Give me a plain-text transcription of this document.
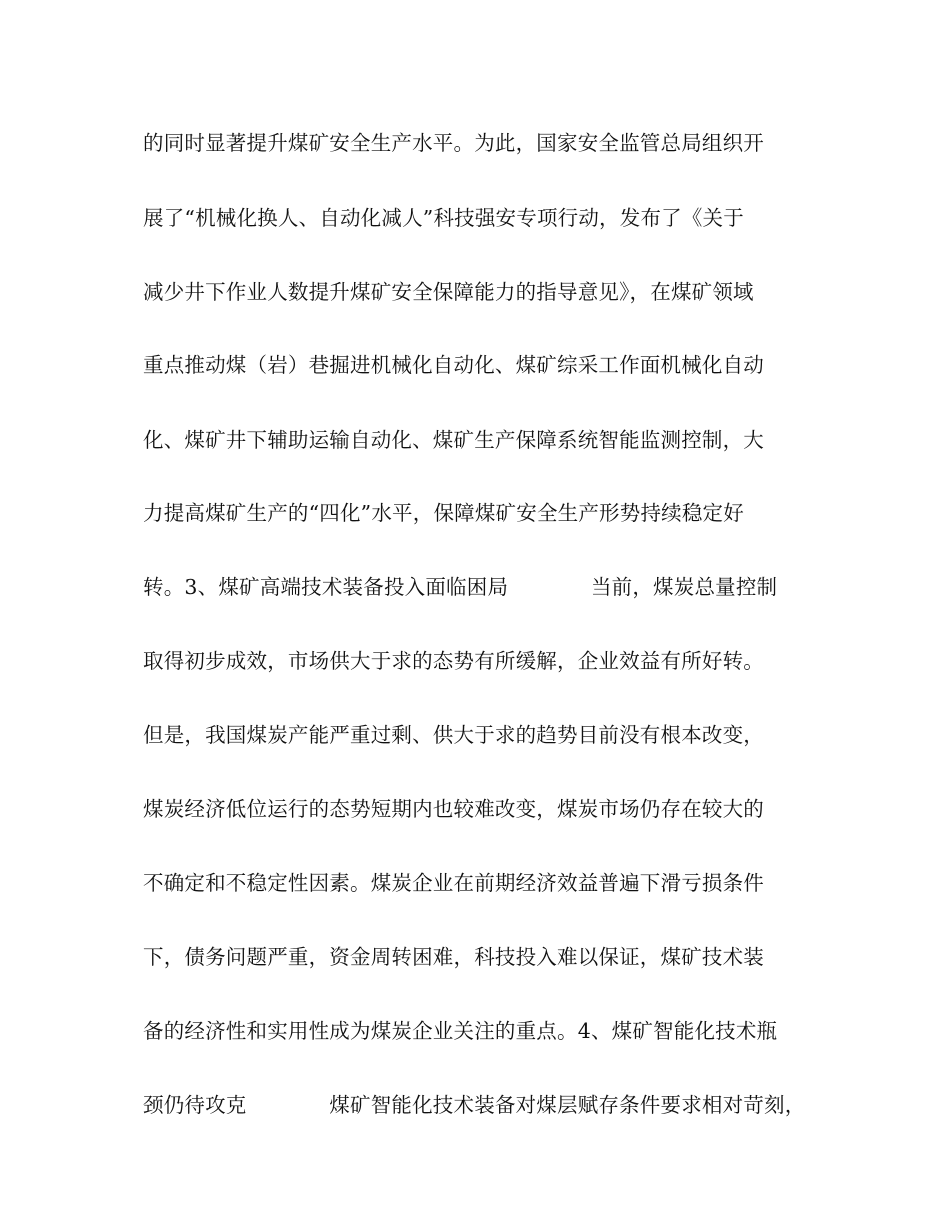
的同时显著提升煤矿安全生产水平。为此，国家安全监管总局组织开

展了“机械化换人、自动化减人”科技强安专项行动，发布了《关于

减少井下作业人数提升煤矿安全保障能力的指导意见》，在煤矿领域

重点推动煤（岩）巷掘进机械化自动化、煤矿综采工作面机械化自动

化、煤矿井下辅助运输自动化、煤矿生产保障系统智能监测控制，大

力提高煤矿生产的“四化”水平，保障煤矿安全生产形势持续稳定好

转。3、煤矿高端技术装备投入面临困局　　　　当前，煤炭总量控制

取得初步成效，市场供大于求的态势有所缓解，企业效益有所好转。

但是，我国煤炭产能严重过剩、供大于求的趋势目前没有根本改变，

煤炭经济低位运行的态势短期内也较难改变，煤炭市场仍存在较大的

不确定和不稳定性因素。煤炭企业在前期经济效益普遍下滑亏损条件

下，债务问题严重，资金周转困难，科技投入难以保证，煤矿技术装

备的经济性和实用性成为煤炭企业关注的重点。4、煤矿智能化技术瓶

颈仍待攻克　　　　煤矿智能化技术装备对煤层赋存条件要求相对苛刻，
